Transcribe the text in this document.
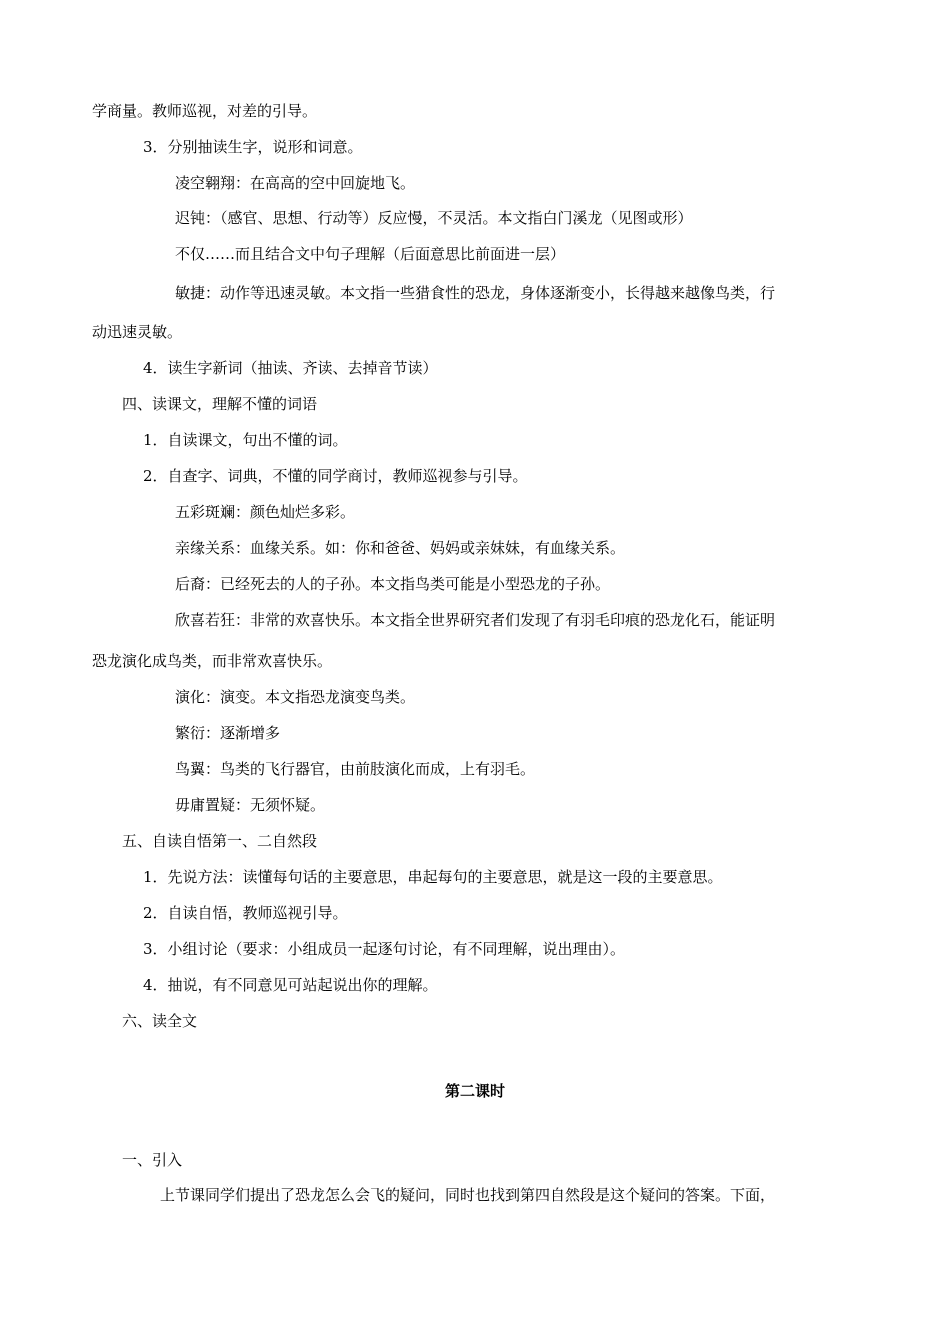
学商量。教师巡视，对差的引导。
3．分别抽读生字，说形和词意。
凌空翱翔：在高高的空中回旋地飞。
迟钝：（感官、思想、行动等）反应慢，不灵活。本文指白门溪龙（见图或形）
不仅……而且结合文中句子理解（后面意思比前面进一层）
敏捷：动作等迅速灵敏。本文指一些猎食性的恐龙，身体逐渐变小，长得越来越像鸟类，行
动迅速灵敏。
4．读生字新词（抽读、齐读、去掉音节读）
四、读课文，理解不懂的词语
1．自读课文，句出不懂的词。
2．自查字、词典，不懂的同学商讨，教师巡视参与引导。
五彩斑斓：颜色灿烂多彩。
亲缘关系：血缘关系。如：你和爸爸、妈妈或亲妹妹，有血缘关系。
后裔：已经死去的人的子孙。本文指鸟类可能是小型恐龙的子孙。
欣喜若狂：非常的欢喜快乐。本文指全世界研究者们发现了有羽毛印痕的恐龙化石，能证明
恐龙演化成鸟类，而非常欢喜快乐。
演化：演变。本文指恐龙演变鸟类。
繁衍：逐渐增多
鸟翼：鸟类的飞行器官，由前肢演化而成，上有羽毛。
毋庸置疑：无须怀疑。
五、自读自悟第一、二自然段
1．先说方法：读懂每句话的主要意思，串起每句的主要意思，就是这一段的主要意思。
2．自读自悟，教师巡视引导。
3．小组讨论（要求：小组成员一起逐句讨论，有不同理解，说出理由）。
4．抽说，有不同意见可站起说出你的理解。
六、读全文
第二课时
一、引入
上节课同学们提出了恐龙怎么会飞的疑问，同时也找到第四自然段是这个疑问的答案。下面，
